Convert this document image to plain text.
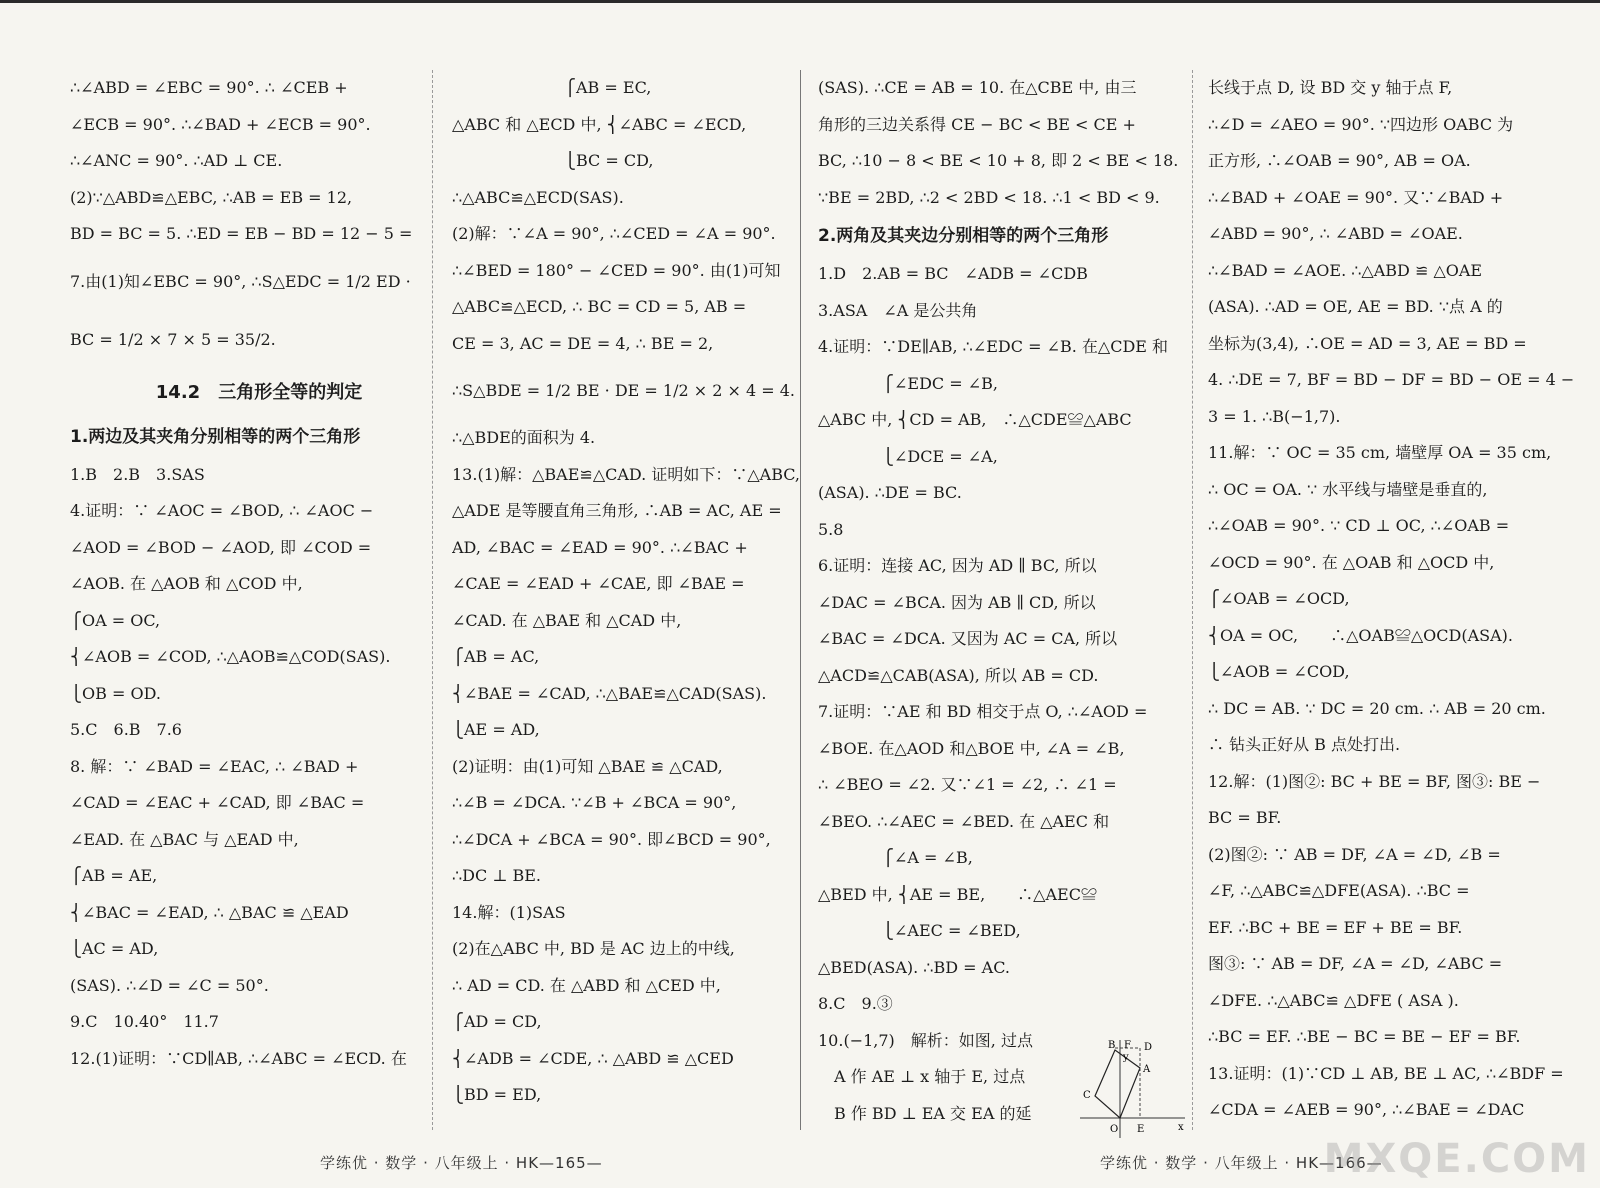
∴∠ABD = ∠EBC = 90°. ∴ ∠CEB +
∠ECB = 90°. ∴∠BAD + ∠ECB = 90°.
∴∠ANC = 90°. ∴AD ⊥ CE.
(2)∵△ABD≌△EBC, ∴AB = EB = 12,
BD = BC = 5. ∴ED = EB − BD = 12 − 5 =
7.由(1)知∠EBC = 90°, ∴S△EDC = 1/2 ED ·
BC = 1/2 × 7 × 5 = 35/2.
14.2　三角形全等的判定
1.两边及其夹角分别相等的两个三角形
1.B　2.B　3.SAS
4.证明：∵ ∠AOC = ∠BOD, ∴ ∠AOC −
∠AOD = ∠BOD − ∠AOD, 即 ∠COD =
∠AOB. 在 △AOB 和 △COD 中,
⎧OA = OC,
⎨∠AOB = ∠COD, ∴△AOB≌△COD(SAS).
⎩OB = OD.
5.C　6.B　7.6
8. 解：∵ ∠BAD = ∠EAC, ∴ ∠BAD +
∠CAD = ∠EAC + ∠CAD, 即 ∠BAC =
∠EAD. 在 △BAC 与 △EAD 中,
⎧AB = AE,
⎨∠BAC = ∠EAD, ∴ △BAC ≌ △EAD
⎩AC = AD,
(SAS). ∴∠D = ∠C = 50°.
9.C　10.40°　11.7
12.(1)证明：∵CD∥AB, ∴∠ABC = ∠ECD. 在
　　　　　　　⎧AB = EC,
△ABC 和 △ECD 中, ⎨∠ABC = ∠ECD,
　　　　　　　⎩BC = CD,
∴△ABC≌△ECD(SAS).
(2)解：∵∠A = 90°, ∴∠CED = ∠A = 90°.
∴∠BED = 180° − ∠CED = 90°. 由(1)可知
△ABC≌△ECD, ∴ BC = CD = 5, AB =
CE = 3, AC = DE = 4, ∴ BE = 2,
∴S△BDE = 1/2 BE · DE = 1/2 × 2 × 4 = 4.
∴△BDE的面积为 4.
13.(1)解：△BAE≌△CAD. 证明如下：∵△ABC,
△ADE 是等腰直角三角形, ∴AB = AC, AE =
AD, ∠BAC = ∠EAD = 90°. ∴∠BAC +
∠CAE = ∠EAD + ∠CAE, 即 ∠BAE =
∠CAD. 在 △BAE 和 △CAD 中,
⎧AB = AC,
⎨∠BAE = ∠CAD, ∴△BAE≌△CAD(SAS).
⎩AE = AD,
(2)证明：由(1)可知 △BAE ≌ △CAD,
∴∠B = ∠DCA. ∵∠B + ∠BCA = 90°,
∴∠DCA + ∠BCA = 90°. 即∠BCD = 90°,
∴DC ⊥ BE.
14.解：(1)SAS
(2)在△ABC 中, BD 是 AC 边上的中线,
∴ AD = CD. 在 △ABD 和 △CED 中,
⎧AD = CD,
⎨∠ADB = ∠CDE, ∴ △ABD ≌ △CED
⎩BD = ED,
(SAS). ∴CE = AB = 10. 在△CBE 中, 由三
角形的三边关系得 CE − BC < BE < CE +
BC, ∴10 − 8 < BE < 10 + 8, 即 2 < BE < 18.
∵BE = 2BD, ∴2 < 2BD < 18. ∴1 < BD < 9.
2.两角及其夹边分别相等的两个三角形
1.D　2.AB = BC　∠ADB = ∠CDB
3.ASA　∠A 是公共角
4.证明：∵DE∥AB, ∴∠EDC = ∠B. 在△CDE 和
　　　　⎧∠EDC = ∠B,
△ABC 中, ⎨CD = AB,　∴△CDE≌△ABC
　　　　⎩∠DCE = ∠A,
(ASA). ∴DE = BC.
5.8
6.证明：连接 AC, 因为 AD ∥ BC, 所以
∠DAC = ∠BCA. 因为 AB ∥ CD, 所以
∠BAC = ∠DCA. 又因为 AC = CA, 所以
△ACD≌△CAB(ASA), 所以 AB = CD.
7.证明：∵AE 和 BD 相交于点 O, ∴∠AOD =
∠BOE. 在△AOD 和△BOE 中, ∠A = ∠B,
∴ ∠BEO = ∠2. 又∵∠1 = ∠2, ∴ ∠1 =
∠BEO. ∴∠AEC = ∠BED. 在 △AEC 和
　　　　⎧∠A = ∠B,
△BED 中, ⎨AE = BE,　　∴△AEC≌
　　　　⎩∠AEC = ∠BED,
△BED(ASA). ∴BD = AC.
8.C　9.③
10.(−1,7)　解析：如图, 过点
　A 作 AE ⊥ x 轴于 E, 过点
　B 作 BD ⊥ EA 交 EA 的延
长线于点 D, 设 BD 交 y 轴于点 F,
∴∠D = ∠AEO = 90°. ∵四边形 OABC 为
正方形, ∴∠OAB = 90°, AB = OA.
∴∠BAD + ∠OAE = 90°. 又∵∠BAD +
∠ABD = 90°, ∴ ∠ABD = ∠OAE.
∴∠BAD = ∠AOE. ∴△ABD ≌ △OAE
(ASA). ∴AD = OE, AE = BD. ∵点 A 的
坐标为(3,4), ∴OE = AD = 3, AE = BD =
4. ∴DE = 7, BF = BD − DF = BD − OE = 4 −
3 = 1. ∴B(−1,7).
11.解：∵ OC = 35 cm, 墙壁厚 OA = 35 cm,
∴ OC = OA. ∵ 水平线与墙壁是垂直的,
∴∠OAB = 90°. ∵ CD ⊥ OC, ∴∠OAB =
∠OCD = 90°. 在 △OAB 和 △OCD 中,
⎧∠OAB = ∠OCD,
⎨OA = OC,　　∴△OAB≌△OCD(ASA).
⎩∠AOB = ∠COD,
∴ DC = AB. ∵ DC = 20 cm. ∴ AB = 20 cm.
∴ 钻头正好从 B 点处打出.
12.解：(1)图②: BC + BE = BF, 图③: BE −
BC = BF.
(2)图②: ∵ AB = DF, ∠A = ∠D, ∠B =
∠F, ∴△ABC≌△DFE(ASA). ∴BC =
EF. ∴BC + BE = EF + BE = BF.
图③: ∵ AB = DF, ∠A = ∠D, ∠ABC =
∠DFE. ∴△ABC≌ △DFE ( ASA ).
∴BC = EF. ∴BE − BC = BE − EF = BF.
13.证明：(1)∵CD ⊥ AB, BE ⊥ AC, ∴∠BDF =
∠CDA = ∠AEB = 90°, ∴∠BAE = ∠DAC
B F D
A
C
O E	x
y
学练优 · 数学 · 八年级上 · HK—165—	学练优 · 数学 · 八年级上 · HK—166—
MXQE.COM
